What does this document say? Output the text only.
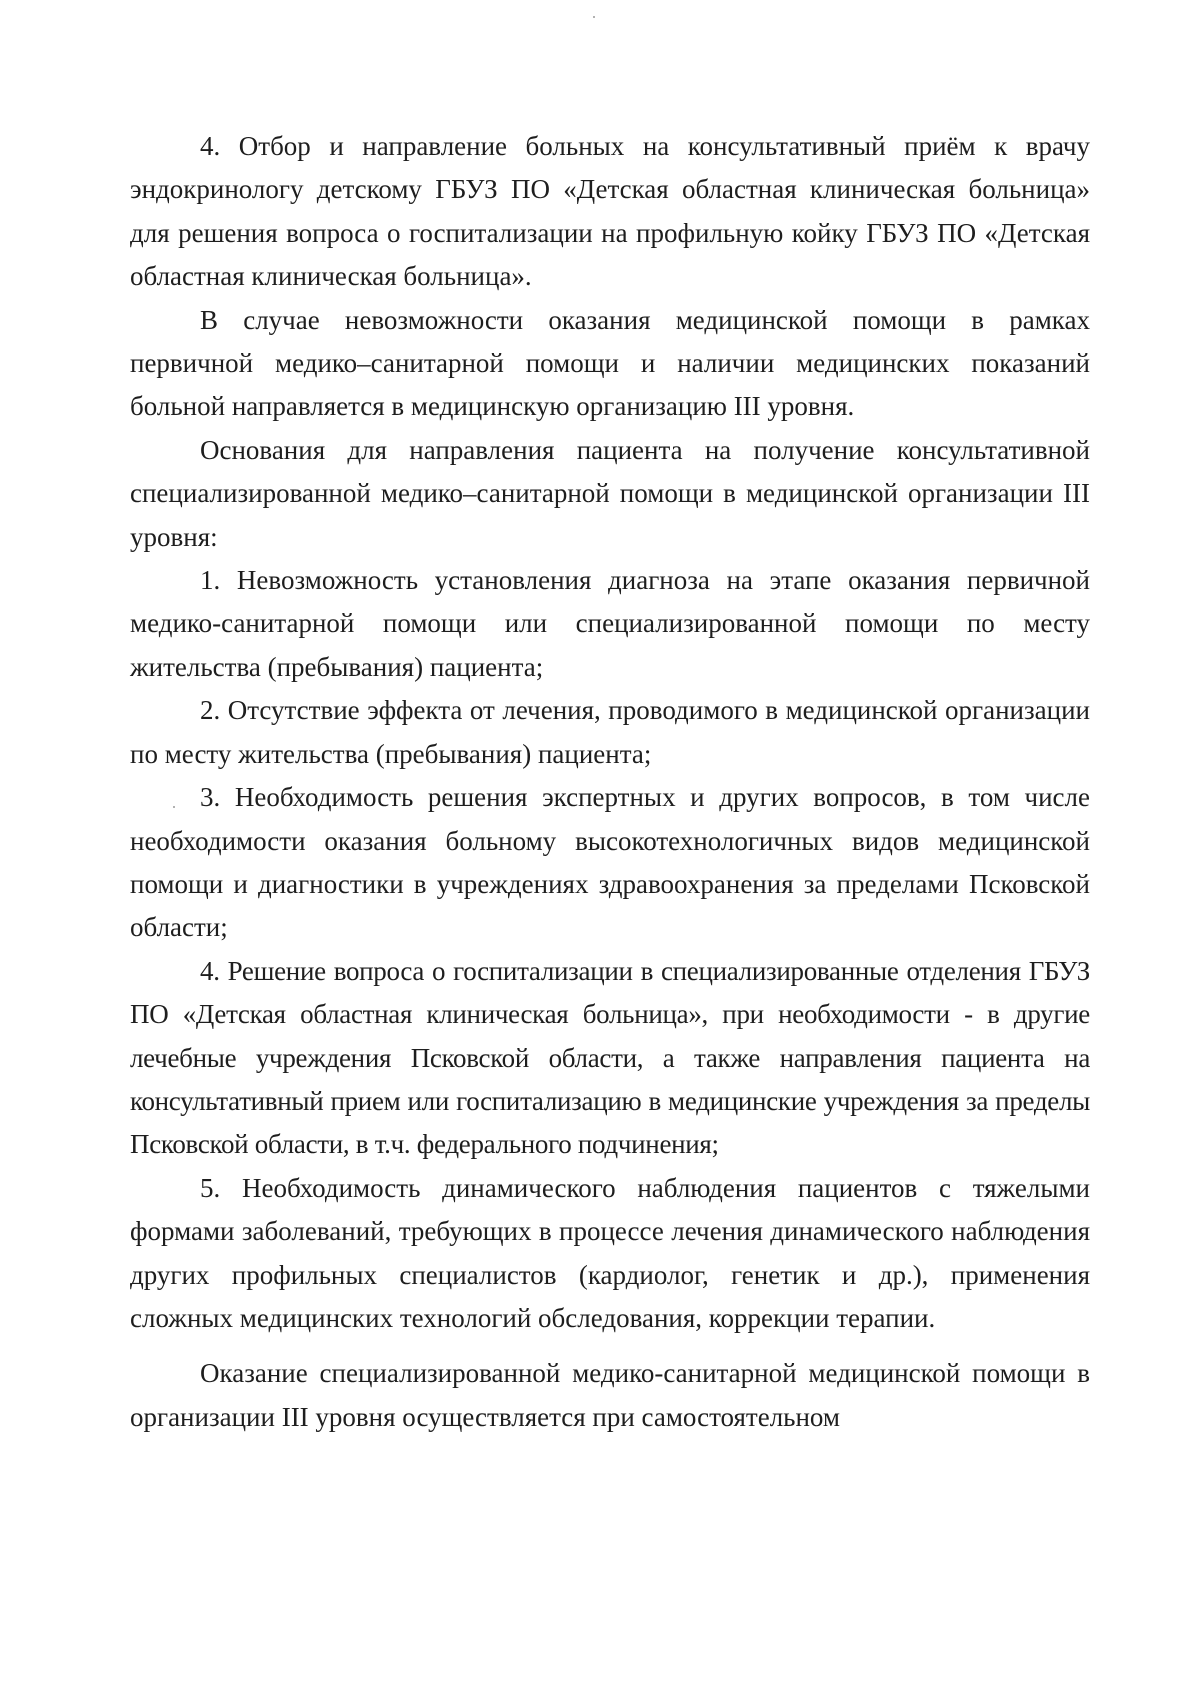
4. Отбор и направление больных на консультативный приём к врачу эндокринологу детскому ГБУЗ ПО «Детская областная клиническая больница» для решения вопроса о госпитализации на профильную койку ГБУЗ ПО «Детская областная клиническая больница».

В случае невозможности оказания медицинской помощи в рамках первичной медико–санитарной помощи и наличии медицинских показаний больной направляется в медицинскую организацию III уровня.

Основания для направления пациента на получение консультативной специализированной медико–санитарной помощи в медицинской организации III уровня:

1. Невозможность установления диагноза на этапе оказания первичной медико-санитарной помощи или специализированной помощи по месту жительства (пребывания) пациента;

2. Отсутствие эффекта от лечения, проводимого в медицинской организации по месту жительства (пребывания) пациента;

3. Необходимость решения экспертных и других вопросов, в том числе необходимости оказания больному высокотехнологичных видов медицинской помощи и диагностики в учреждениях здравоохранения за пределами Псковской области;

4. Решение вопроса о госпитализации в специализированные отделения ГБУЗ ПО «Детская областная клиническая больница», при необходимости - в другие лечебные учреждения Псковской области, а также направления пациента на консультативный прием или госпитализацию в медицинские учреждения за пределы Псковской области, в т.ч. федерального подчинения;

5. Необходимость динамического наблюдения пациентов с тяжелыми формами заболеваний, требующих в процессе лечения динамического наблюдения других профильных специалистов (кардиолог, генетик и др.), применения сложных медицинских технологий обследования, коррекции терапии.

Оказание специализированной медико-санитарной медицинской помощи в организации III уровня осуществляется при самостоятельном
